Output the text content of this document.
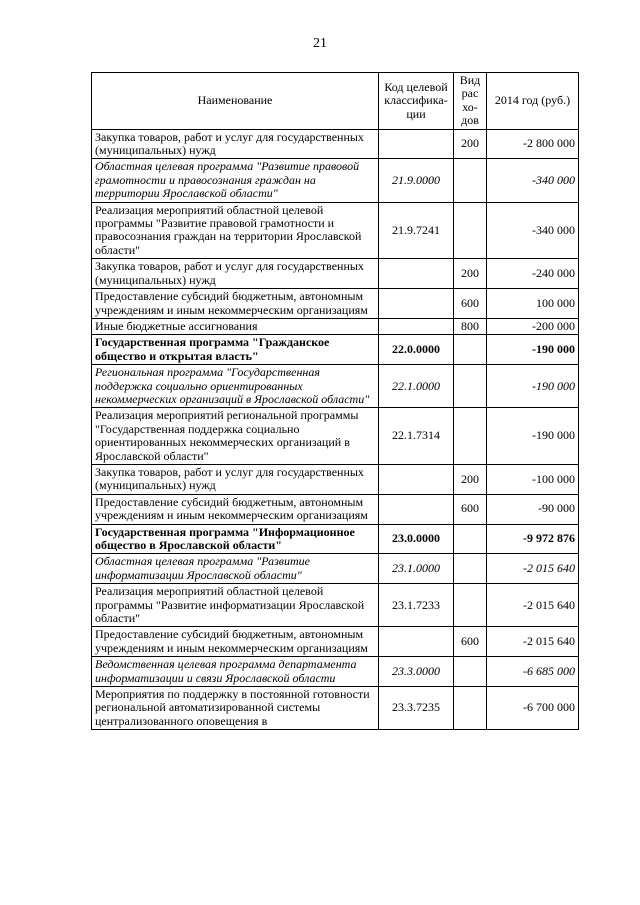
21
Наименование	Код целевой классифика-ции	Вид рас хо-дов	2014 год (руб.)
Закупка товаров, работ и услуг для государственных (муниципальных) нужд		200	-2 800 000
Областная целевая программа "Развитие правовой грамотности и правосознания граждан на территории Ярославской области"	21.9.0000		-340 000
Реализация мероприятий областной целевой программы "Развитие правовой грамотности и правосознания граждан на территории Ярославской области"	21.9.7241		-340 000
Закупка товаров, работ и услуг для государственных (муниципальных) нужд		200	-240 000
Предоставление субсидий бюджетным, автономным учреждениям и иным некоммерческим организациям		600	100 000
Иные бюджетные ассигнования		800	-200 000
Государственная программа "Гражданское общество и открытая власть"	22.0.0000		-190 000
Региональная программа "Государственная поддержка социально ориентированных некоммерческих организаций в Ярославской области"	22.1.0000		-190 000
Реализация мероприятий региональной программы "Государственная поддержка социально ориентированных некоммерческих организаций в Ярославской области"	22.1.7314		-190 000
Закупка товаров, работ и услуг для государственных (муниципальных) нужд		200	-100 000
Предоставление субсидий бюджетным, автономным учреждениям и иным некоммерческим организациям		600	-90 000
Государственная программа "Информационное общество в Ярославской области"	23.0.0000		-9 972 876
Областная целевая программа "Развитие информатизации Ярославской области"	23.1.0000		-2 015 640
Реализация мероприятий областной целевой программы "Развитие информатизации Ярославской области"	23.1.7233		-2 015 640
Предоставление субсидий бюджетным, автономным учреждениям и иным некоммерческим организациям		600	-2 015 640
Ведомственная целевая программа департамента информатизации и связи Ярославской области	23.3.0000		-6 685 000
Мероприятия по поддержку в постоянной готовности региональной автоматизированной системы централизованного оповещения в	23.3.7235		-6 700 000
